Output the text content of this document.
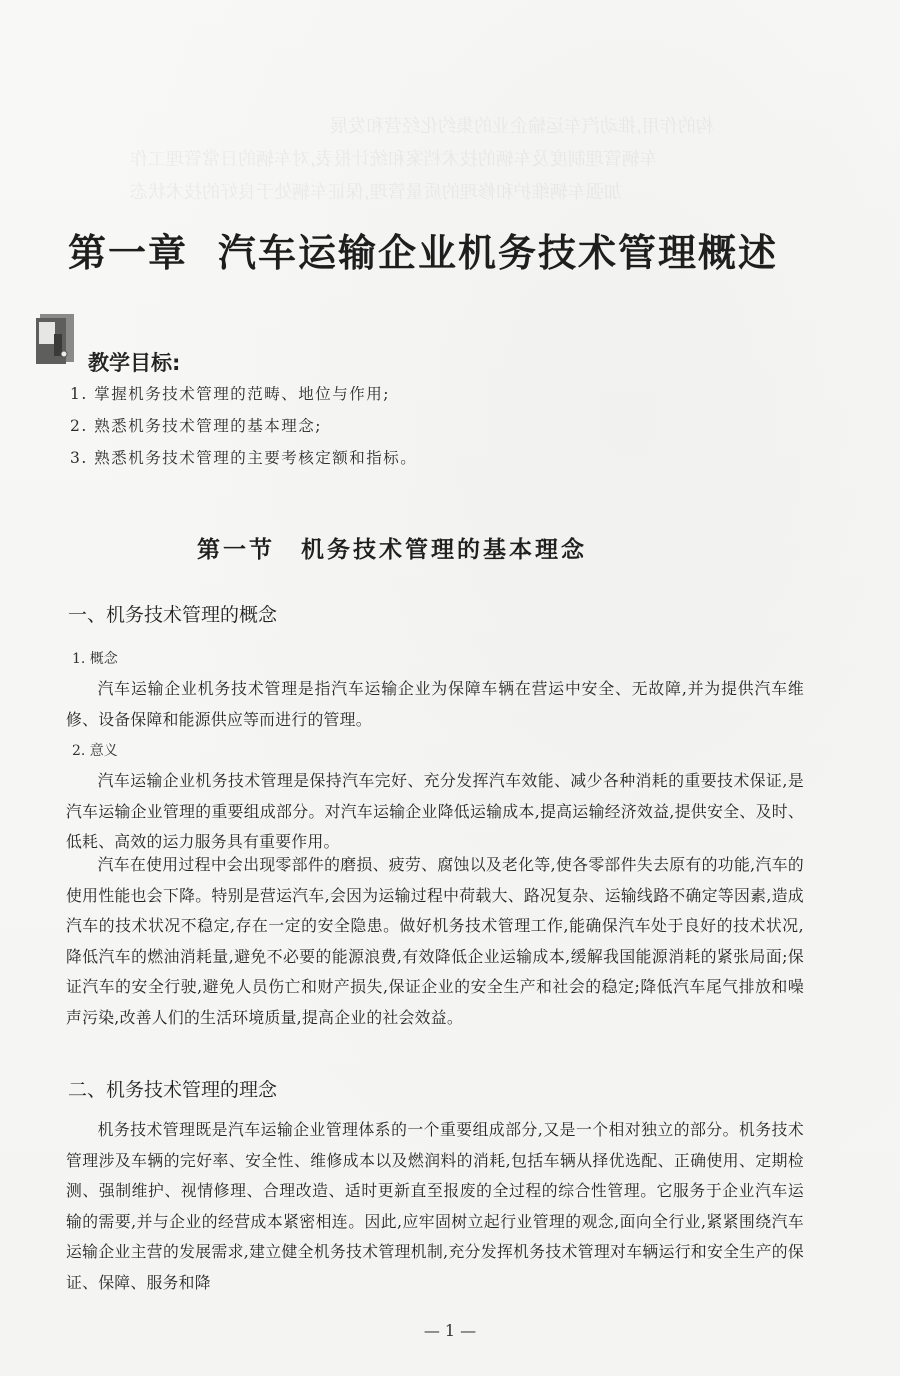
构的作用,推动汽车运输企业的集约化经营和发展
车辆管理制度及车辆的技术档案和统计报表,对车辆的日常管理工作
加强车辆维护和修理的质量管理,保证车辆处于良好的技术状态
第一章 汽车运输企业机务技术管理概述
教学目标:
1. 掌握机务技术管理的范畴、地位与作用;
2. 熟悉机务技术管理的基本理念;
3. 熟悉机务技术管理的主要考核定额和指标。
第一节 机务技术管理的基本理念
一、机务技术管理的概念
1. 概念

汽车运输企业机务技术管理是指汽车运输企业为保障车辆在营运中安全、无故障,并为提供汽车维修、设备保障和能源供应等而进行的管理。

2. 意义

汽车运输企业机务技术管理是保持汽车完好、充分发挥汽车效能、减少各种消耗的重要技术保证,是汽车运输企业管理的重要组成部分。对汽车运输企业降低运输成本,提高运输经济效益,提供安全、及时、低耗、高效的运力服务具有重要作用。

汽车在使用过程中会出现零部件的磨损、疲劳、腐蚀以及老化等,使各零部件失去原有的功能,汽车的使用性能也会下降。特别是营运汽车,会因为运输过程中荷载大、路况复杂、运输线路不确定等因素,造成汽车的技术状况不稳定,存在一定的安全隐患。做好机务技术管理工作,能确保汽车处于良好的技术状况,降低汽车的燃油消耗量,避免不必要的能源浪费,有效降低企业运输成本,缓解我国能源消耗的紧张局面;保证汽车的安全行驶,避免人员伤亡和财产损失,保证企业的安全生产和社会的稳定;降低汽车尾气排放和噪声污染,改善人们的生活环境质量,提高企业的社会效益。

二、机务技术管理的理念

机务技术管理既是汽车运输企业管理体系的一个重要组成部分,又是一个相对独立的部分。机务技术管理涉及车辆的完好率、安全性、维修成本以及燃润料的消耗,包括车辆从择优选配、正确使用、定期检测、强制维护、视情修理、合理改造、适时更新直至报废的全过程的综合性管理。它服务于企业汽车运输的需要,并与企业的经营成本紧密相连。因此,应牢固树立起行业管理的观念,面向全行业,紧紧围绕汽车运输企业主营的发展需求,建立健全机务技术管理机制,充分发挥机务技术管理对车辆运行和安全生产的保证、保障、服务和降

— 1 —
